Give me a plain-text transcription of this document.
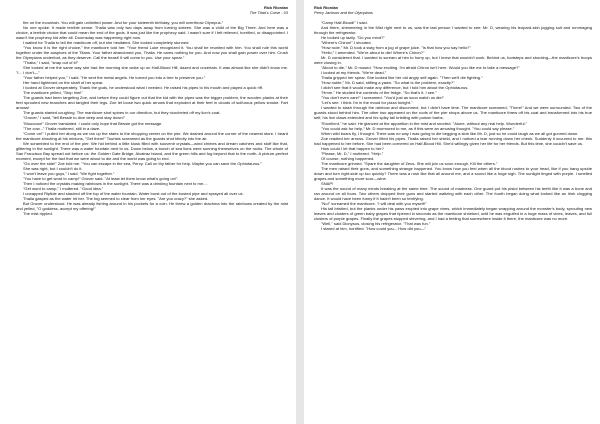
Rick Riordan
The Titan's Curse - 03

fire on the mountain. You will gain unlimited power. And for your sixteenth birthday, you will overthrow Olympus."

No one spoke. It made terrible sense. Thalia was only two days away from turning sixteen. She was a child of the Big Three. And here was a choice, a terrible choice that could mean the end of the gods. It was just like the prophecy said. I wasn't sure if I felt relieved, horrified, or disappointed. I wasn't the prophecy kid after all. Doomsday was happening right now.

I waited for Thalia to tell the manticore off, but she hesitated. She looked completely stunned.

"You know it is the right choice," the manticore told her. "Your friend Luke recognized it. You shall be reunited with him. You shall rule this world together under the auspices of the Titans. Your father abandoned you, Thalia. He cares nothing for you. And now you shall gain power over him. Crush the Olympians underfoot, as they deserve. Call the beast! It will come to you. Use your spear."

"Thalia," I said, "snap out of it!"

She looked at me the same way she had the morning she woke up on Half-Blood Hill, dazed and uncertain. It was almost like she didn't know me. "I... I don't—"

"Your father helped you," I said. "He sent the metal angels. He turned you into a tree to preserve you."

Her hand tightened on the shaft of her spear.

I looked at Grover desperately. Thank the gods, he understood what I needed. He raised his pipes to his mouth and played a quick riff.

The manticore yelled, "Stop him!"

The guards had been targeting Zoe, and before they could figure out that the kid with the pipes was the bigger problem, the wooden planks at their feet sprouted new branches and tangled their legs. Zoe let loose two quick arrows that exploded at their feet in clouds of sulfurous yellow smoke. Fart arrows!

The guards started coughing. The manticore shot spines in our direction, but they ricocheted off my lion's coat.

"Grover," I said, "tell Bessie to dive deep and stay down!"

"Moooooo!" Grover translated. I could only hope that Bessie got the message.

"The cow..." Thalia muttered, still in a daze.

"Come on!" I pulled her along as we ran up the stairs to the shopping center on the pier. We dashed around the corner of the nearest store. I heard the manticore shouting at his minions, "Get them!" Tourists screamed as the guards shot blindly into the air.

We scrambled to the end of the pier. We hid behind a little kiosk filled with souvenir crystals—wind chimes and dream catchers and stuff like that, glittering in the sunlight. There was a water fountain next to us. Down below, a bunch of sea lions were sunning themselves on the rocks. The whole of San Francisco Bay spread out before us: the Golden Gate Bridge, Alcatraz Island, and the green hills and fog beyond that to the north. A picture-perfect moment, except for the fact that we were about to die and the world was going to end.

"Go over the side!" Zoe told me. "You can escape in the sea, Percy. Call on thy father for help. Maybe you can save the Ophiotaurus."

She was right, but I couldn't do it.

"I won't leave you guys," I said. "We fight together."

"You have to get word to camp!" Grover said. "At least let them know what's going on!"

Then I noticed the crystals making rainbows in the sunlight. There was a drinking fountain next to me....

"Get word to camp," I muttered. "Good idea."

I uncapped Riptide and slashed off the top of the water fountain. Water burst out of the busted pipe and sprayed all over us.

Thalia gasped as the water hit her. The fog seemed to clear from her eyes. "Are you crazy?" she asked.

But Grover understood. He was already fishing around in his pockets for a coin. He threw a golden drachma into the rainbows created by the mist and yelled, "O goddess, accept my offering!"

The mist rippled.

Rick Riordan
Percy Jackson and the Olympians

"Camp Half-Blood!" I said.

And there, shimmering in the Mist right next to us, was the last person I wanted to see: Mr. D, wearing his leopard-skin jogging suit and rummaging through the refrigerator.

He looked up lazily. "Do you mind?"

"Where's Chiron!" I shouted.

"How rude." Mr. D took a swig from a jug of grape juice. "Is that how you say hello?"

"Hello," I amended. "We're about to die! Where's Chiron?"

Mr. D considered that. I wanted to scream at him to hurry up, but I knew that wouldn't work. Behind us, footsteps and shouting—the manticore's troops were closing in.

"About to die," Mr. D mused. "How exciting. I'm afraid Chiron isn't here. Would you like me to take a message?"

I looked at my friends. "We're dead."

Thalia gripped her spear. She looked like her old angry self again. "Then we'll die fighting."

"How noble," Mr. D said, stifling a yawn. "So what is the problem, exactly?"

I didn't see that it would make any difference, but I told him about the Ophiotaurus.

"Hmm." He studied the contents of the fridge. "So that's it. I see."

"You don't even care!" I screamed. "You'd just as soon watch us die!"

"Let's see. I think I'm in the mood for pizza tonight."

I wanted to slash through the rainbow and disconnect, but I didn't have time. The manticore screamed, "There!" And we were surrounded. Two of the guards stood behind him. The other two appeared on the roofs of the pier shops above us. The manticore threw off his coat and transformed into his true self, his lion claws extended and his spiky tail bristling with poison barbs.

"Excellent," he said. He glanced at the apparition in the mist and snorted. "Alone, without any real help. Wonderful."

"You could ask for help," Mr. D murmured to me, as if this were an amusing thought. "You could say please."

When wild boars fly, I thought. There was no way I was going to die begging a slob like Mr. D, just so he could laugh as we all got gunned down.

Zoe readied her arrows. Grover lifted his pipes. Thalia raised her shield, and I noticed a tear running down her cheek. Suddenly it occurred to me: this had happened to her before. She had been cornered on Half-Blood Hill. She'd willingly given her life for her friends. But this time, she couldn't save us.

How could I let that happen to her?

"Please, Mr. D," I muttered. "Help."

Of course, nothing happened.

The manticore grinned. "Spare the daughter of Zeus. She will join us soon enough. Kill the others."

The men raised their guns, and something strange happened. You know how you feel when all the blood rushes to your head, like if you hang upside down and turn right-side up too quickly? There was a rush like that all around me, and a sound like a huge sigh. The sunlight tinged with purple. I smelled grapes and something more sour—wine.

SNAP!

It was the sound of many minds breaking at the same time. The sound of madness. One guard put his pistol between his teeth like it was a bone and ran around on all fours. Two others dropped their guns and started waltzing with each other. The fourth began doing what looked like an Irish clogging dance. It would have been funny if it hadn't been so terrifying.

"No!" screamed the manticore. "I will deal with you myself!"

His tail bristled, but the planks under his paws erupted into grape vines, which immediately began wrapping around the monster's body, sprouting new leaves and clusters of green baby grapes that ripened in seconds as the manticore shrieked, until he was engulfed in a huge mass of vines, leaves, and full clusters of purple grapes. Finally the grapes stopped shivering, and I had a feeling that somewhere inside it there, the manticore was no more.

"Well," said Dionysus, closing his refrigerator. "That was fun."

I stared at him, horrified. "How could you... How did you—"
